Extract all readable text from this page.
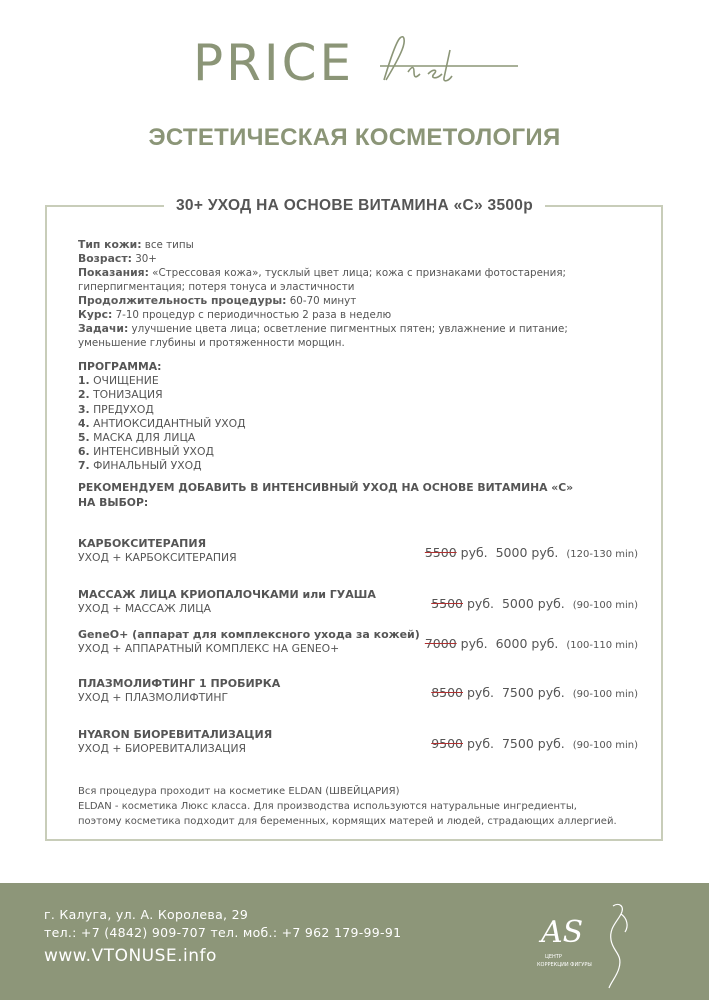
PRICE
list
ЭСТЕТИЧЕСКАЯ КОСМЕТОЛОГИЯ
30+ УХОД НА ОСНОВЕ ВИТАМИНА «С» 3500р
Тип кожи: все типы
Возраст: 30+
Показания: «Стрессовая кожа», тусклый цвет лица; кожа с признаками фотостарения; гиперпигментация; потеря тонуса и эластичности
Продолжительность процедуры: 60-70 минут
Курс: 7-10 процедур с периодичностью 2 раза в неделю
Задачи: улучшение цвета лица; осветление пигментных пятен; увлажнение и питание; уменьшение глубины и протяженности морщин.
ПРОГРАММА:
1. ОЧИЩЕНИЕ
2. ТОНИЗАЦИЯ
3. ПРЕДУХОД
4. АНТИОКСИДАНТНЫЙ УХОД
5. МАСКА ДЛЯ ЛИЦА
6. ИНТЕНСИВНЫЙ УХОД
7. ФИНАЛЬНЫЙ УХОД
РЕКОМЕНДУЕМ ДОБАВИТЬ В ИНТЕНСИВНЫЙ УХОД НА ОСНОВЕ ВИТАМИНА «С»
НА ВЫБОР:
КАРБОКСИТЕРАПИЯ
УХОД + КАРБОКСИТЕРАПИЯ	5500 руб. 5000 руб. (120-130 min)
МАССАЖ ЛИЦА КРИОПАЛОЧКАМИ или ГУАША
УХОД + МАССАЖ ЛИЦА	5500 руб. 5000 руб. (90-100 min)
GeneO+ (аппарат для комплексного ухода за кожей)
УХОД + АППАРАТНЫЙ КОМПЛЕКС НА GENEO+	7000 руб. 6000 руб. (100-110 min)
ПЛАЗМОЛИФТИНГ 1 ПРОБИРКА
УХОД + ПЛАЗМОЛИФТИНГ	8500 руб. 7500 руб. (90-100 min)
HYARON БИОРЕВИТАЛИЗАЦИЯ
УХОД + БИОРЕВИТАЛИЗАЦИЯ	9500 руб. 7500 руб. (90-100 min)
Вся процедура проходит на косметике ELDAN (ШВЕЙЦАРИЯ)
ELDAN - косметика Люкс класса. Для производства используются натуральные ингредиенты,
поэтому косметика подходит для беременных, кормящих матерей и людей, страдающих аллергией.
г. Калуга, ул. А. Королева, 29
тел.: +7 (4842) 909-707 тел. моб.: +7 962 179-99-91
www.VTONUSE.info
AS
ЦЕНТР
КОРРЕКЦИИ ФИГУРЫ
